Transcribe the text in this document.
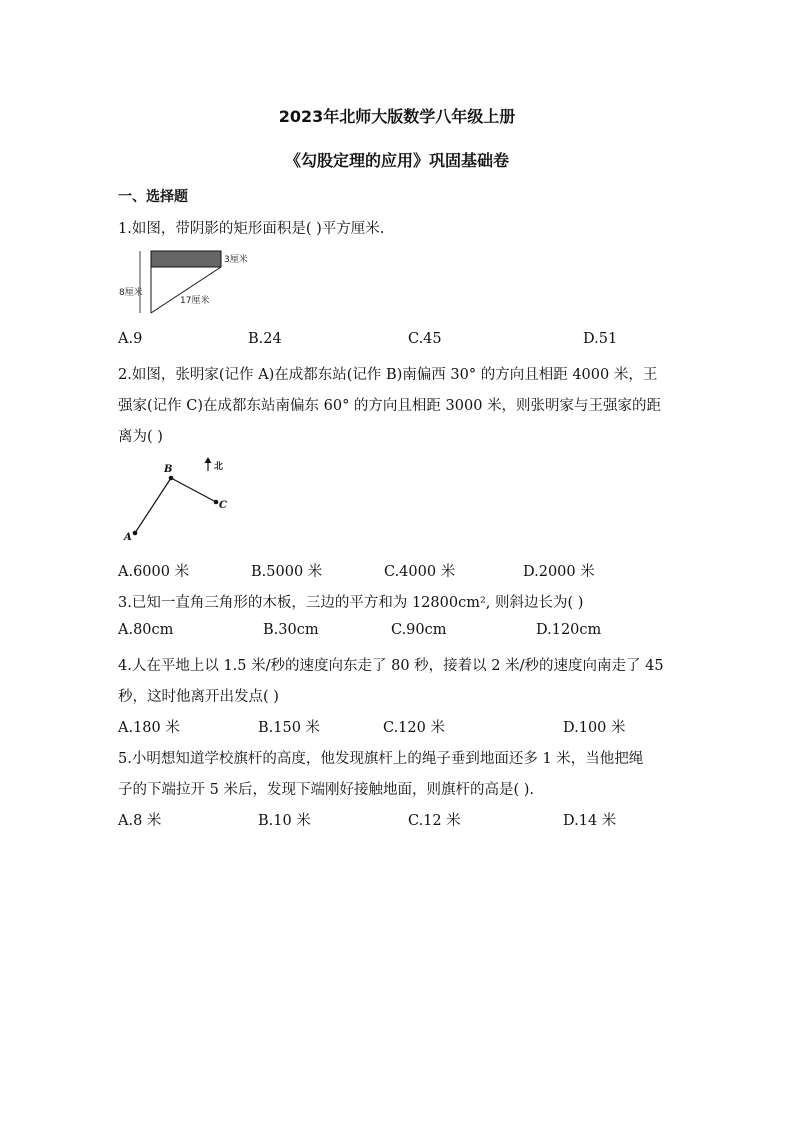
2023年北师大版数学八年级上册
《勾股定理的应用》巩固基础卷
一、选择题
1.如图，带阴影的矩形面积是( )平方厘米.
3厘米
8厘米
17厘米
A.9	B.24	C.45	D.51
2.如图，张明家(记作 A)在成都东站(记作 B)南偏西 30° 的方向且相距 4000 米，王
强家(记作 C)在成都东站南偏东 60° 的方向且相距 3000 米，则张明家与王强家的距
离为( )
A
B
C
北
A.6000 米	B.5000 米	C.4000 米	D.2000 米
3.已知一直角三角形的木板，三边的平方和为 12800cm², 则斜边长为( )
A.80cm	B.30cm	C.90cm	D.120cm
4.人在平地上以 1.5 米/秒的速度向东走了 80 秒，接着以 2 米/秒的速度向南走了 45
秒，这时他离开出发点( )
A.180 米	B.150 米	C.120 米	D.100 米
5.小明想知道学校旗杆的高度，他发现旗杆上的绳子垂到地面还多 1 米，当他把绳
子的下端拉开 5 米后，发现下端刚好接触地面，则旗杆的高是( ).
A.8 米	B.10 米	C.12 米	D.14 米
